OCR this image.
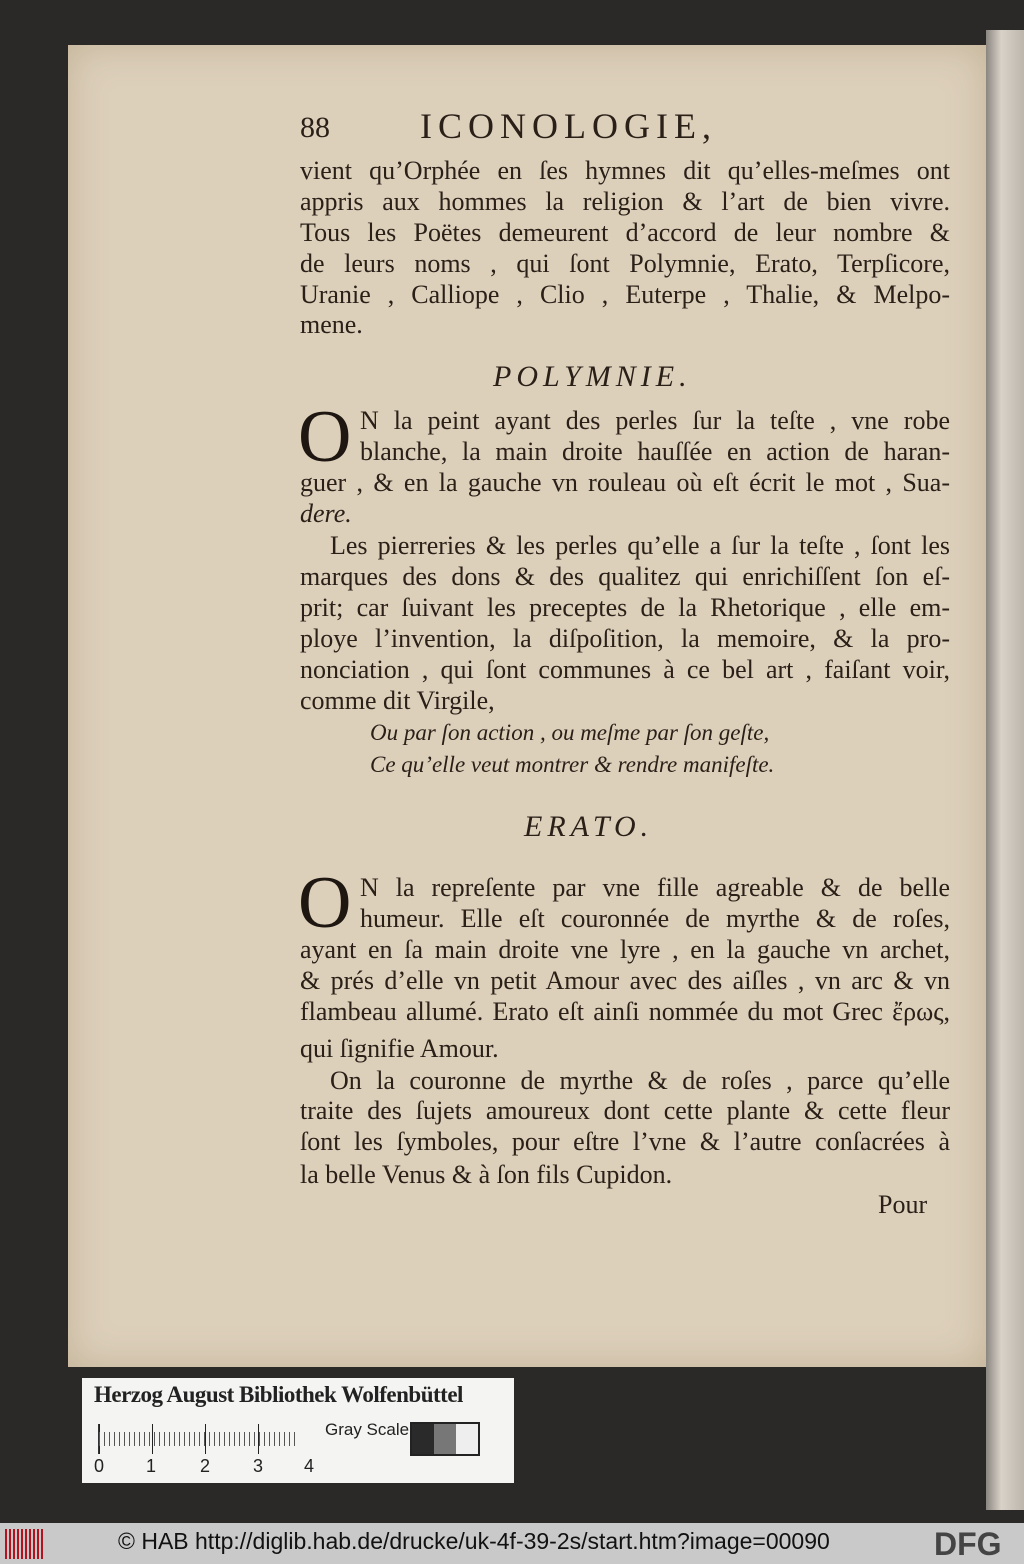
88	ICONOLOGIE,
vient qu’Orphée en ſes hymnes dit qu’elles-meſmes ont
appris aux hommes la religion & l’art de bien vivre.
Tous les Poëtes demeurent d’accord de leur nombre &
de leurs noms , qui ſont Polymnie, Erato, Terpſicore,
Uranie , Calliope , Clio , Euterpe , Thalie, & Melpo-
mene.
POLYMNIE.
O N la peint ayant des perles ſur la teſte , vne robe
blanche, la main droite hauſſée en action de haran-
guer , & en la gauche vn rouleau où eſt écrit le mot , Sua-
dere.
Les pierreries & les perles qu’elle a ſur la teſte , ſont les
marques des dons & des qualitez qui enrichiſſent ſon eſ-
prit; car ſuivant les preceptes de la Rhetorique , elle em-
ploye l’invention, la diſpoſition, la memoire, & la pro-
nonciation , qui ſont communes à ce bel art , faiſant voir,
comme dit Virgile,
Ou par ſon action , ou meſme par ſon geſte,
Ce qu’elle veut montrer & rendre manifeſte.
ERATO.
O N la repreſente par vne fille agreable & de belle
humeur. Elle eſt couronnée de myrthe & de roſes,
ayant en ſa main droite vne lyre , en la gauche vn archet,
& prés d’elle vn petit Amour avec des aiſles , vn arc & vn
flambeau allumé. Erato eſt ainſi nommée du mot Grec ἔρως,
qui ſignifie Amour.
On la couronne de myrthe & de roſes , parce qu’elle
traite des ſujets amoureux dont cette plante & cette fleur
ſont les ſymboles, pour eſtre l’vne & l’autre conſacrées à
la belle Venus & à ſon fils Cupidon.
Pour
Herzog August Bibliothek Wolfenbüttel
0 1 2 3 4
Gray Scale
© HAB http://diglib.hab.de/drucke/uk-4f-39-2s/start.htm?image=00090	DFG
